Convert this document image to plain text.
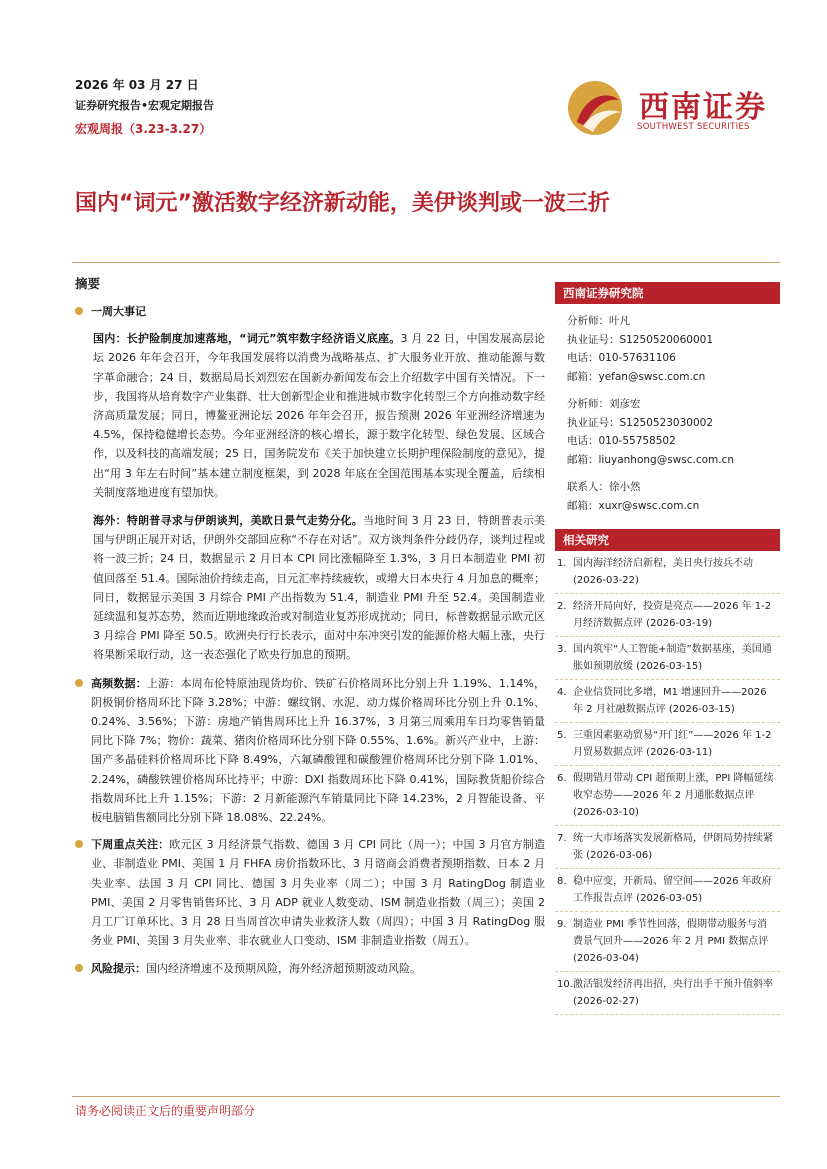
2026 年 03 月 27 日
证券研究报告•宏观定期报告
宏观周报（3.23-3.27）
西南证券
SOUTHWEST SECURITIES
国内“词元”激活数字经济新动能，美伊谈判或一波三折
摘要
一周大事记

国内：长护险制度加速落地，“词元”筑牢数字经济语义底座。3 月 22 日，中国发展高层论坛 2026 年年会召开，今年我国发展将以消费为战略基点、扩大服务业开放、推动能源与数字革命融合；24 日，数据局局长刘烈宏在国新办新闻发布会上介绍数字中国有关情况。下一步，我国将从培育数字产业集群、壮大创新型企业和推进城市数字化转型三个方向推动数字经济高质量发展；同日，博鳌亚洲论坛 2026 年年会召开，报告预测 2026 年亚洲经济增速为 4.5%，保持稳健增长态势。今年亚洲经济的核心增长，源于数字化转型、绿色发展、区域合作，以及科技的高端发展；25 日，国务院发布《关于加快建立长期护理保险制度的意见》，提出“用 3 年左右时间”基本建立制度框架，到 2028 年底在全国范围基本实现全覆盖，后续相关制度落地进度有望加快。

海外：特朗普寻求与伊朗谈判，美欧日景气走势分化。当地时间 3 月 23 日，特朗普表示美国与伊朗正展开对话，伊朗外交部回应称“不存在对话”。双方谈判条件分歧仍存，谈判过程或将一波三折；24 日，数据显示 2 月日本 CPI 同比涨幅降至 1.3%，3 月日本制造业 PMI 初值回落至 51.4。国际油价持续走高，日元汇率持续疲软，或增大日本央行 4 月加息的概率；同日，数据显示美国 3 月综合 PMI 产出指数为 51.4，制造业 PMI 升至 52.4。美国制造业延续温和复苏态势，然而近期地缘政治或对制造业复苏形成扰动；同日，标普数据显示欧元区 3 月综合 PMI 降至 50.5。欧洲央行行长表示，面对中东冲突引发的能源价格大幅上涨，央行将果断采取行动，这一表态强化了欧央行加息的预期。

高频数据：上游：本周布伦特原油现货均价、铁矿石价格周环比分别上升 1.19%、1.14%，阴极铜价格周环比下降 3.28%；中游：螺纹钢、水泥、动力煤价格周环比分别上升 0.1%、0.24%、3.56%；下游：房地产销售周环比上升 16.37%，3 月第三周乘用车日均零售销量同比下降 7%；物价：蔬菜、猪肉价格周环比分别下降 0.55%、1.6%。新兴产业中，上游：国产多晶硅料价格周环比下降 8.49%，六氟磷酸锂和碳酸锂价格周环比分别下降 1.01%、2.24%，磷酸铁锂价格周环比持平；中游：DXI 指数周环比下降 0.41%，国际教货船价综合指数周环比上升 1.15%；下游：2 月新能源汽车销量同比下降 14.23%，2 月智能设备、平板电脑销售额同比分别下降 18.08%、22.24%。

下周重点关注：欧元区 3 月经济景气指数、德国 3 月 CPI 同比（周一）；中国 3 月官方制造业、非制造业 PMI、美国 1 月 FHFA 房价指数环比、3 月谘商会消费者预期指数、日本 2 月失业率、法国 3 月 CPI 同比、德国 3 月失业率（周二）；中国 3 月 RatingDog 制造业 PMI、美国 2 月零售销售环比、3 月 ADP 就业人数变动、ISM 制造业指数（周三）；美国 2 月工厂订单环比、3 月 28 日当周首次申请失业救济人数（周四）；中国 3 月 RatingDog 服务业 PMI、美国 3 月失业率、非农就业人口变动、ISM 非制造业指数（周五）。

风险提示：国内经济增速不及预期风险，海外经济超预期波动风险。

西南证券研究院
分析师：叶凡
执业证号：S1250520060001
电话：010-57631106
邮箱：yefan@swsc.com.cn
分析师：刘彦宏
执业证号：S1250523030002
电话：010-55758502
邮箱：liuyanhong@swsc.com.cn
联系人：徐小然
邮箱：xuxr@swsc.com.cn
相关研究
1. 国内海洋经济启新程，美日央行按兵不动 (2026-03-22)
2. 经济开局向好，投资是亮点——2026 年 1-2 月经济数据点评 (2026-03-19)
3. 国内筑牢“人工智能+制造”数据基座，美国通胀如预期放缓 (2026-03-15)
4. 企业信贷同比多增，M1 增速回升——2026 年 2 月社融数据点评 (2026-03-15)
5. 三重因素驱动贸易“开门红”——2026 年 1-2 月贸易数据点评 (2026-03-11)
6. 假期错月带动 CPI 超预期上涨，PPI 降幅延续收窄态势——2026 年 2 月通胀数据点评 (2026-03-10)
7. 统一大市场落实发展新格局，伊朗局势持续紧张 (2026-03-06)
8. 稳中应变，开新局、留空间——2026 年政府工作报告点评 (2026-03-05)
9. 制造业 PMI 季节性回落，假期带动服务与消费景气回升——2026 年 2 月 PMI 数据点评 (2026-03-04)
10. 激活银发经济再出招，央行出手干预升值斜率 (2026-02-27)
请务必阅读正文后的重要声明部分
